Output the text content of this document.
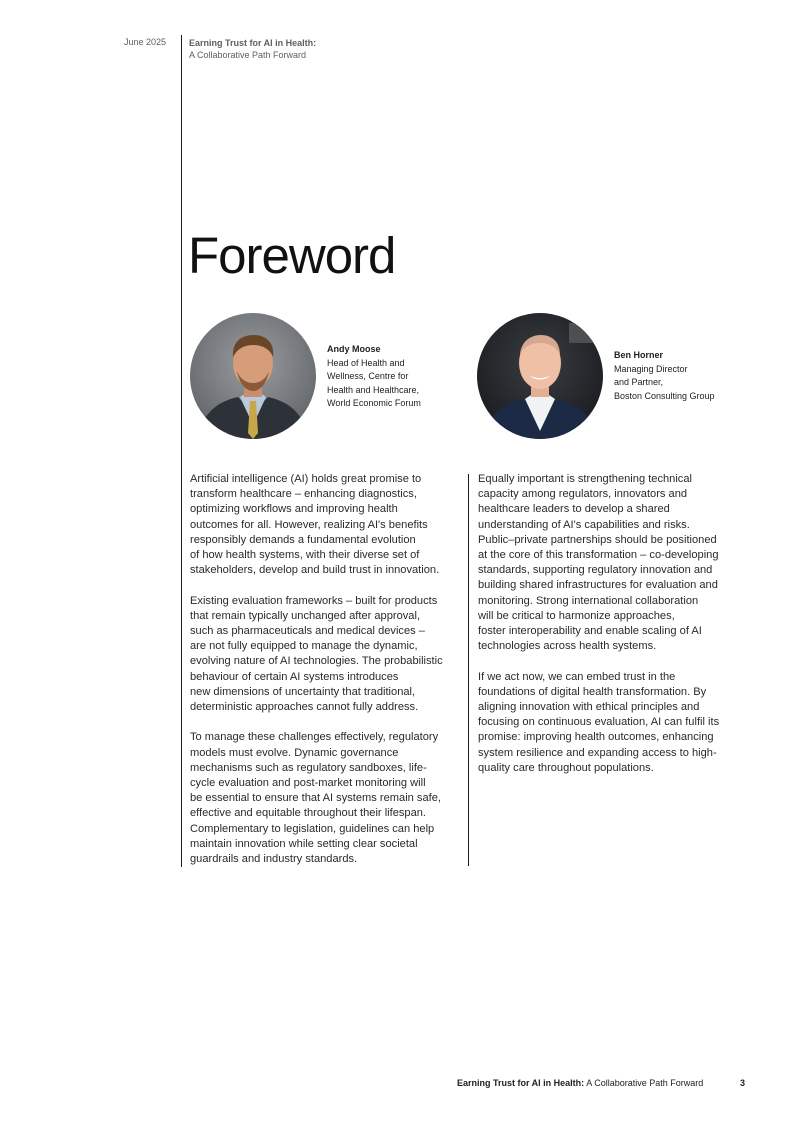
June 2025	Earning Trust for AI in Health:
A Collaborative Path Forward
Foreword
Andy Moose
Head of Health and
Wellness, Centre for
Health and Healthcare,
World Economic Forum
Ben Horner
Managing Director
and Partner,
Boston Consulting Group

Artificial intelligence (AI) holds great promise to
transform healthcare – enhancing diagnostics,
optimizing workflows and improving health
outcomes for all. However, realizing AI's benefits
responsibly demands a fundamental evolution
of how health systems, with their diverse set of
stakeholders, develop and build trust in innovation.

Existing evaluation frameworks – built for products
that remain typically unchanged after approval,
such as pharmaceuticals and medical devices –
are not fully equipped to manage the dynamic,
evolving nature of AI technologies. The probabilistic
behaviour of certain AI systems introduces
new dimensions of uncertainty that traditional,
deterministic approaches cannot fully address.

To manage these challenges effectively, regulatory
models must evolve. Dynamic governance
mechanisms such as regulatory sandboxes, life-
cycle evaluation and post-market monitoring will
be essential to ensure that AI systems remain safe,
effective and equitable throughout their lifespan.
Complementary to legislation, guidelines can help
maintain innovation while setting clear societal
guardrails and industry standards.

Equally important is strengthening technical
capacity among regulators, innovators and
healthcare leaders to develop a shared
understanding of AI's capabilities and risks.
Public–private partnerships should be positioned
at the core of this transformation – co-developing
standards, supporting regulatory innovation and
building shared infrastructures for evaluation and
monitoring. Strong international collaboration
will be critical to harmonize approaches,
foster interoperability and enable scaling of AI
technologies across health systems.

If we act now, we can embed trust in the
foundations of digital health transformation. By
aligning innovation with ethical principles and
focusing on continuous evaluation, AI can fulfil its
promise: improving health outcomes, enhancing
system resilience and expanding access to high-
quality care throughout populations.

Earning Trust for AI in Health: A Collaborative Path Forward	3
